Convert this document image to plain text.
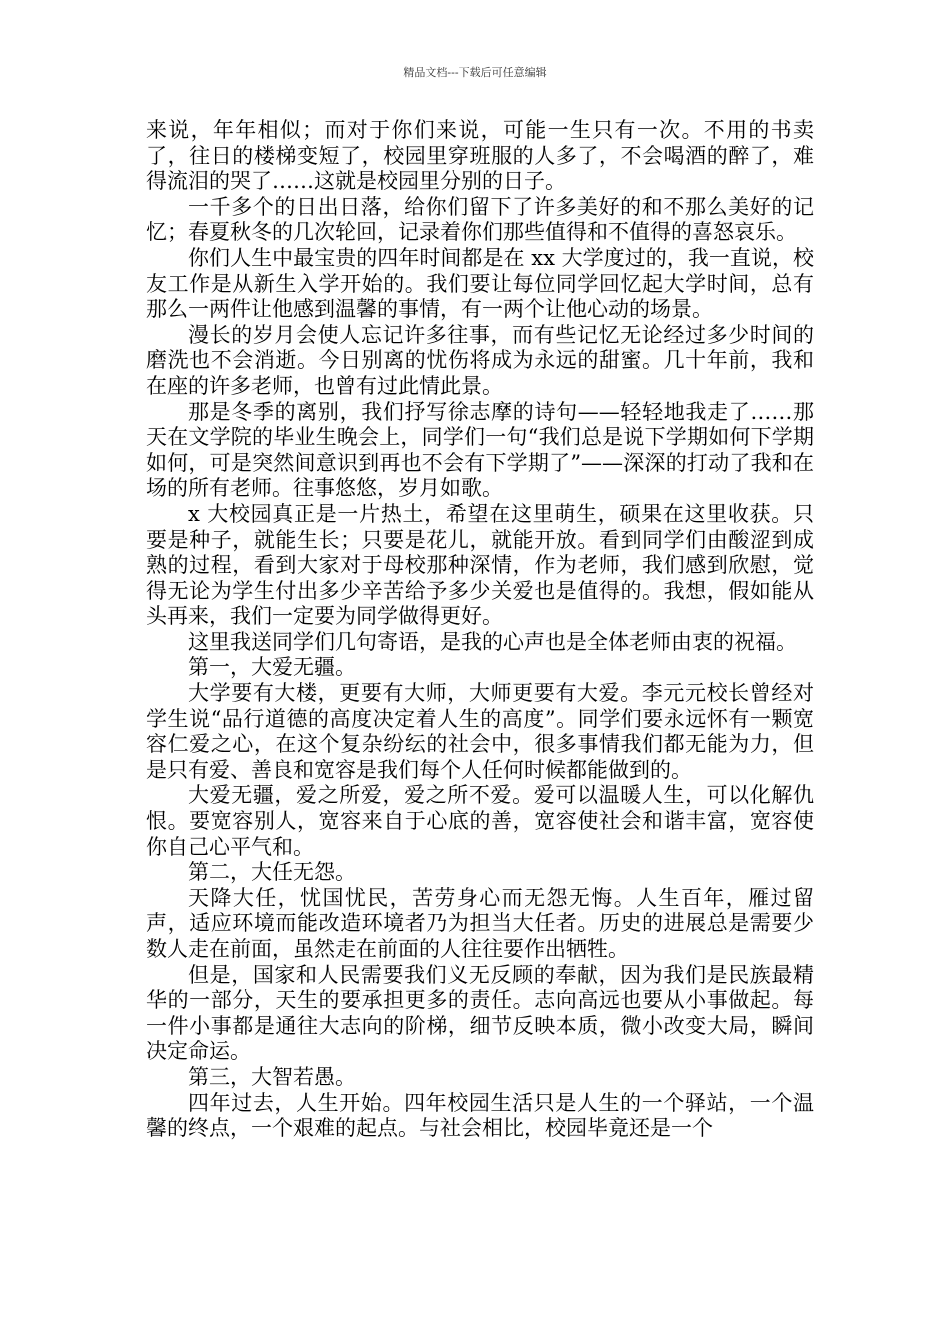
精品文档---下载后可任意编辑

来说，年年相似；而对于你们来说，可能一生只有一次。不用的书卖了，往日的楼梯变短了，校园里穿班服的人多了，不会喝酒的醉了，难得流泪的哭了……这就是校园里分别的日子。

一千多个的日出日落，给你们留下了许多美好的和不那么美好的记忆；春夏秋冬的几次轮回，记录着你们那些值得和不值得的喜怒哀乐。

你们人生中最宝贵的四年时间都是在 xx 大学度过的，我一直说，校友工作是从新生入学开始的。我们要让每位同学回忆起大学时间，总有那么一两件让他感到温馨的事情，有一两个让他心动的场景。

漫长的岁月会使人忘记许多往事，而有些记忆无论经过多少时间的磨洗也不会消逝。今日别离的忧伤将成为永远的甜蜜。几十年前，我和在座的许多老师，也曾有过此情此景。

那是冬季的离别，我们抒写徐志摩的诗句——轻轻地我走了……那天在文学院的毕业生晚会上，同学们一句“我们总是说下学期如何下学期如何，可是突然间意识到再也不会有下学期了”——深深的打动了我和在场的所有老师。往事悠悠，岁月如歌。

x 大校园真正是一片热土，希望在这里萌生，硕果在这里收获。只要是种子，就能生长；只要是花儿，就能开放。看到同学们由酸涩到成熟的过程，看到大家对于母校那种深情，作为老师，我们感到欣慰，觉得无论为学生付出多少辛苦给予多少关爱也是值得的。我想，假如能从头再来，我们一定要为同学做得更好。

这里我送同学们几句寄语，是我的心声也是全体老师由衷的祝福。

第一，大爱无疆。

大学要有大楼，更要有大师，大师更要有大爱。李元元校长曾经对学生说“品行道德的高度决定着人生的高度”。同学们要永远怀有一颗宽容仁爱之心，在这个复杂纷纭的社会中，很多事情我们都无能为力，但是只有爱、善良和宽容是我们每个人任何时候都能做到的。

大爱无疆，爱之所爱，爱之所不爱。爱可以温暖人生，可以化解仇恨。要宽容别人，宽容来自于心底的善，宽容使社会和谐丰富，宽容使你自己心平气和。

第二，大任无怨。

天降大任，忧国忧民，苦劳身心而无怨无悔。人生百年，雁过留声，适应环境而能改造环境者乃为担当大任者。历史的进展总是需要少数人走在前面，虽然走在前面的人往往要作出牺牲。

但是，国家和人民需要我们义无反顾的奉献，因为我们是民族最精华的一部分，天生的要承担更多的责任。志向高远也要从小事做起。每一件小事都是通往大志向的阶梯，细节反映本质，微小改变大局，瞬间决定命运。

第三，大智若愚。

四年过去，人生开始。四年校园生活只是人生的一个驿站，一个温馨的终点，一个艰难的起点。与社会相比，校园毕竟还是一个
